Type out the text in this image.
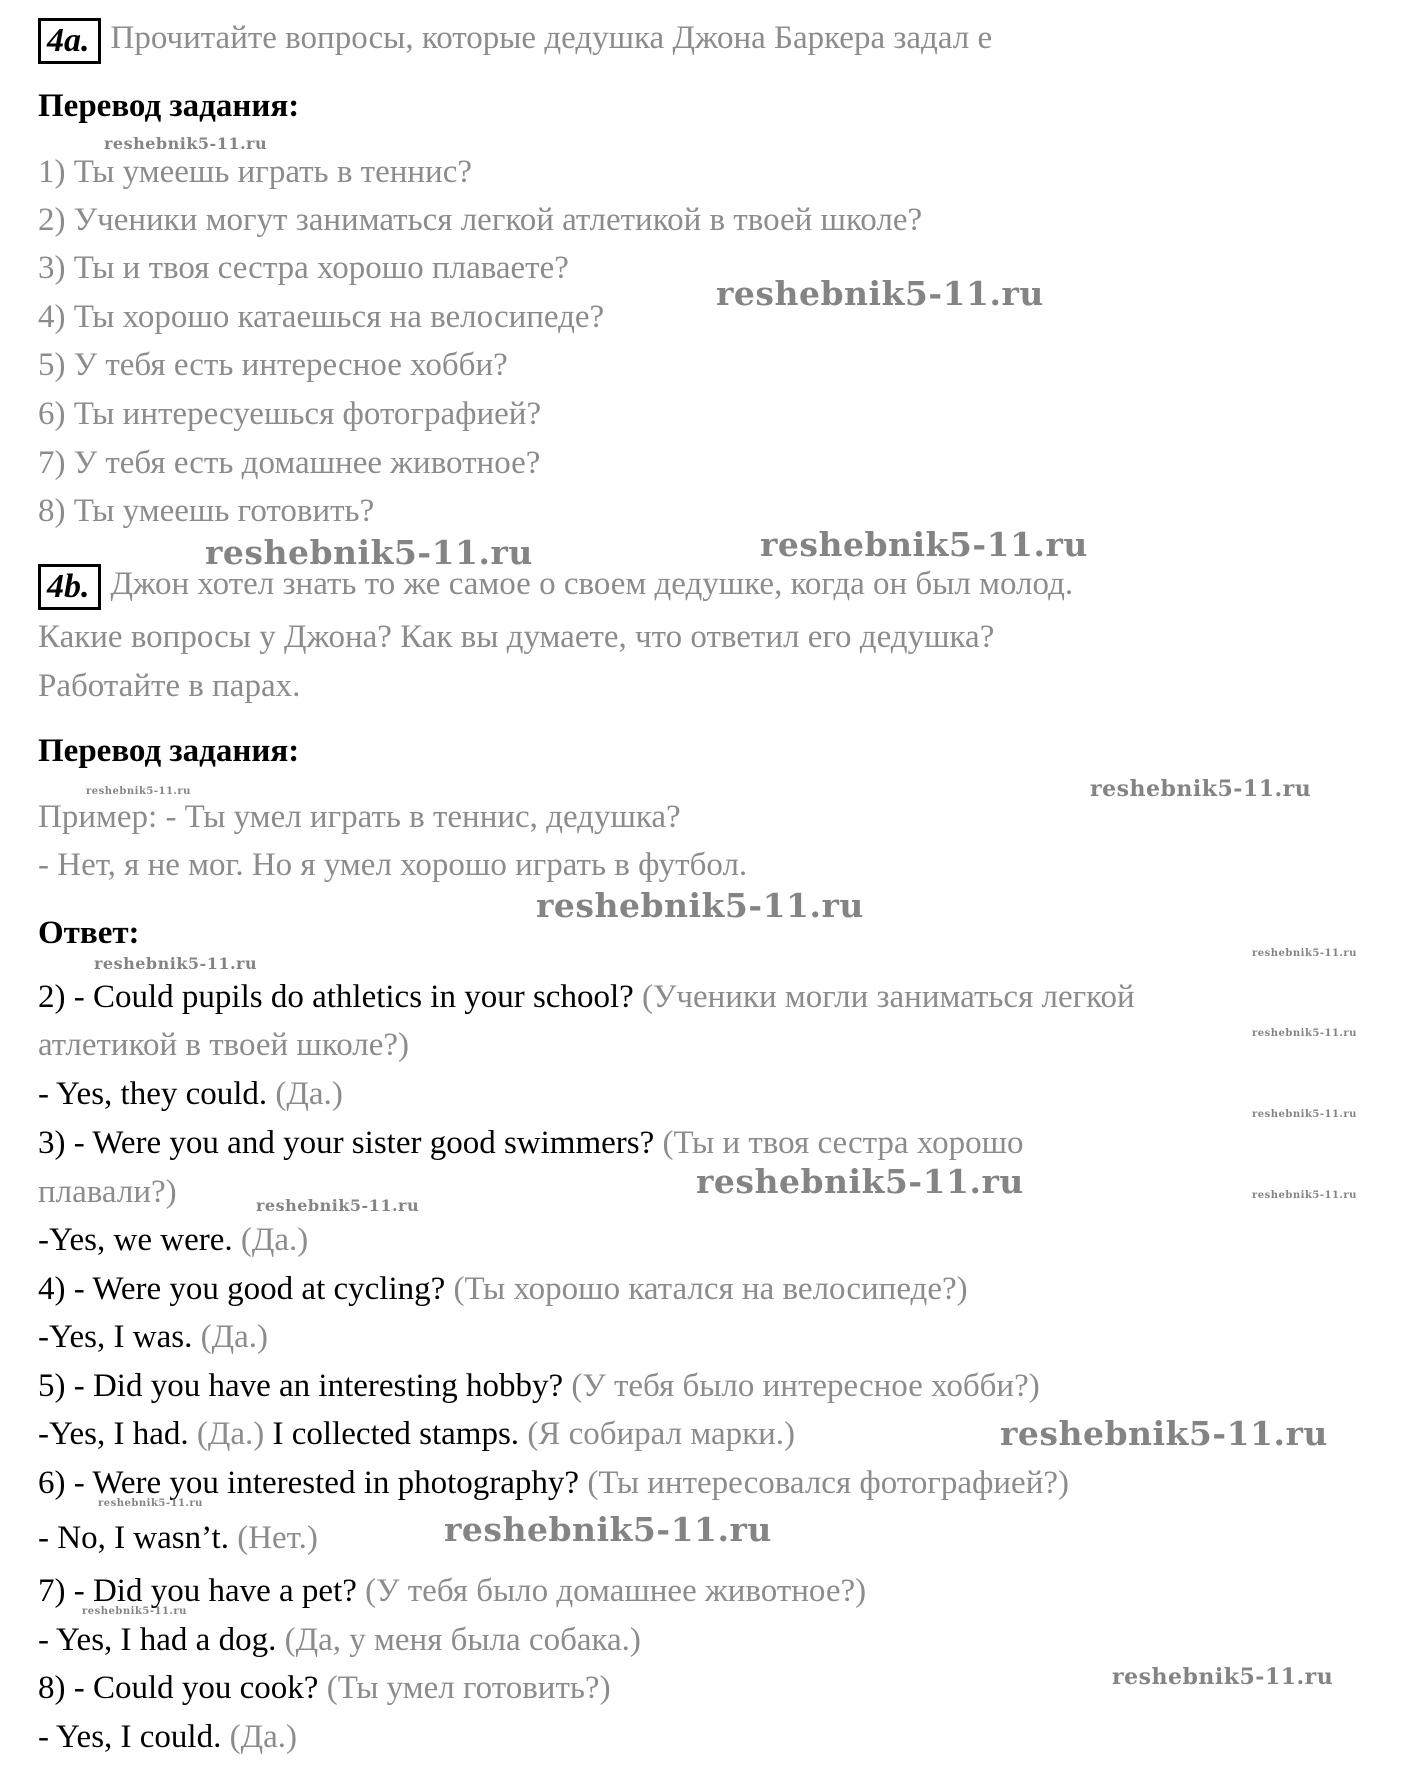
4a. Прочитайте вопросы, которые дедушка Джона Баркера задал е
Перевод задания:
1) Ты умеешь играть в теннис?
2) Ученики могут заниматься легкой атлетикой в твоей школе?
3) Ты и твоя сестра хорошо плаваете?
4) Ты хорошо катаешься на велосипеде?
5) У тебя есть интересное хобби?
6) Ты интересуешься фотографией?
7) У тебя есть домашнее животное?
8) Ты умеешь готовить?
4b. Джон хотел знать то же самое о своем дедушке, когда он был молод.
Какие вопросы у Джона? Как вы думаете, что ответил его дедушка?
Работайте в парах.
Перевод задания:
Пример: - Ты умел играть в теннис, дедушка?
- Нет, я не мог. Но я умел хорошо играть в футбол.
Ответ:
2) - Could pupils do athletics in your school? (Ученики могли заниматься легкой
атлетикой в твоей школе?)
- Yes, they could. (Да.)
3) - Were you and your sister good swimmers? (Ты и твоя сестра хорошо
плавали?)
-Yes, we were. (Да.)
4) - Were you good at cycling? (Ты хорошо катался на велосипеде?)
-Yes, I was. (Да.)
5) - Did you have an interesting hobby? (У тебя было интересное хобби?)
-Yes, I had. (Да.) I collected stamps. (Я собирал марки.)
6) - Were you interested in photography? (Ты интересовался фотографией?)
- No, I wasn’t. (Нет.)
7) - Did you have a pet? (У тебя было домашнее животное?)
- Yes, I had a dog. (Да, у меня была собака.)
8) - Could you cook? (Ты умел готовить?)
- Yes, I could. (Да.)
reshebnik5-11.ru
reshebnik5-11.ru
reshebnik5-11.ru	reshebnik5-11.ru
reshebnik5-11.ru	reshebnik5-11.ru
reshebnik5-11.ru
reshebnik5-11.ru
reshebnik5-11.ru
reshebnik5-11.ru
reshebnik5-11.ru
reshebnik5-11.ru	reshebnik5-11.ru
reshebnik5-11.ru
reshebnik5-11.ru
reshebnik5-11.ru
reshebnik5-11.ru
reshebnik5-11.ru
reshebnik5-11.ru
